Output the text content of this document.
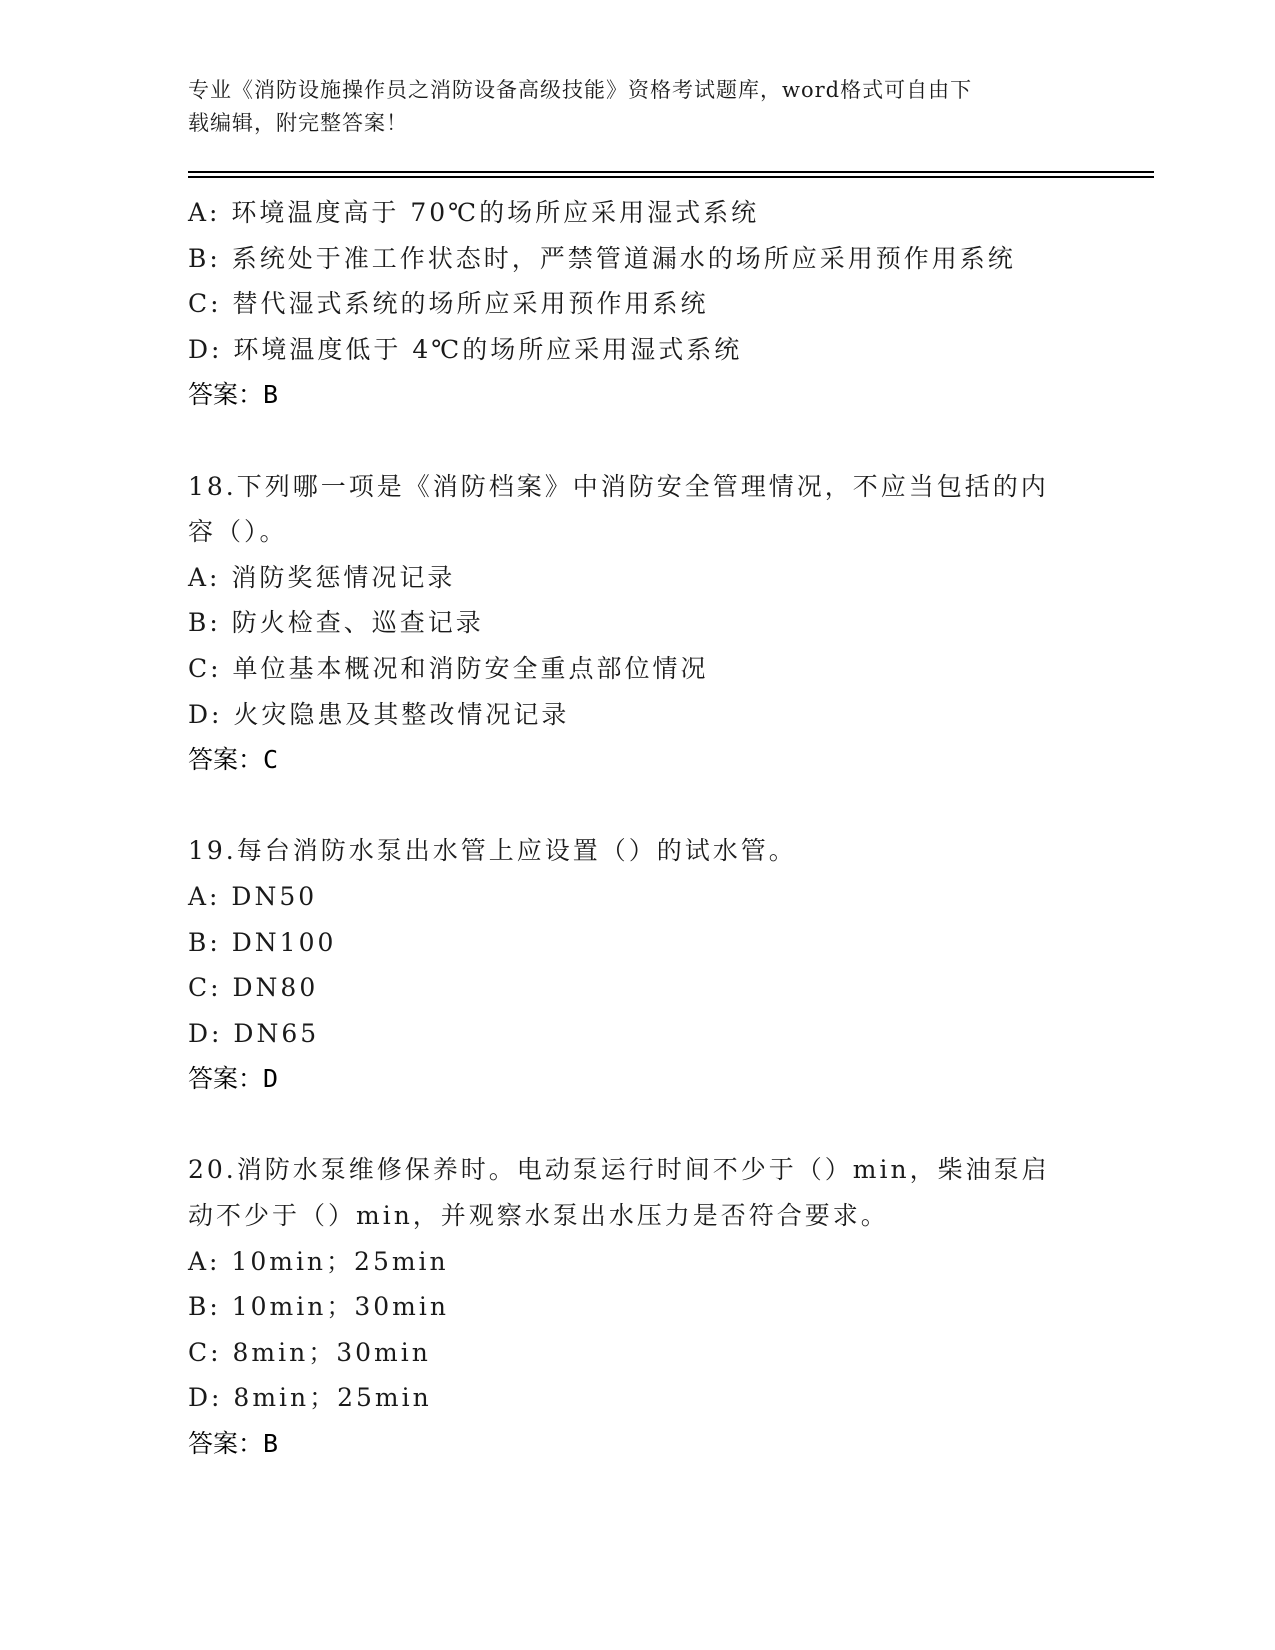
专业《消防设施操作员之消防设备高级技能》资格考试题库，word格式可自由下
载编辑，附完整答案！
A: 环境温度高于 70℃的场所应采用湿式系统
B: 系统处于准工作状态时，严禁管道漏水的场所应采用预作用系统
C: 替代湿式系统的场所应采用预作用系统
D: 环境温度低于 4℃的场所应采用湿式系统
答案：B
18.下列哪一项是《消防档案》中消防安全管理情况，不应当包括的内
容（）。
A: 消防奖惩情况记录
B: 防火检查、巡查记录
C: 单位基本概况和消防安全重点部位情况
D: 火灾隐患及其整改情况记录
答案：C
19.每台消防水泵出水管上应设置（）的试水管。
A: DN50
B: DN100
C: DN80
D: DN65
答案：D
20.消防水泵维修保养时。电动泵运行时间不少于（）min，柴油泵启
动不少于（）min，并观察水泵出水压力是否符合要求。
A: 10min；25min
B: 10min；30min
C: 8min；30min
D: 8min；25min
答案：B
